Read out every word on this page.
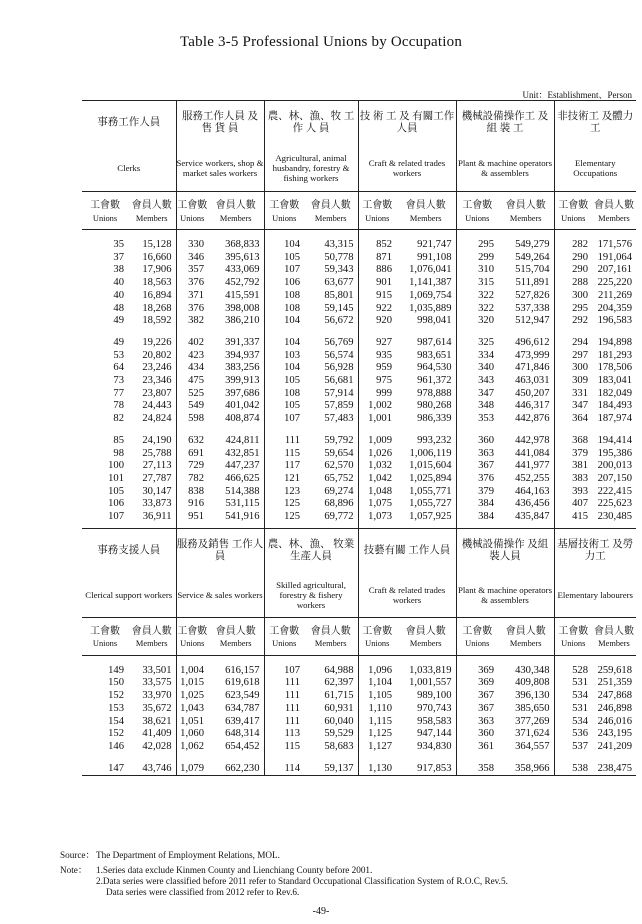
Table 3-5 Professional Unions by Occupation
Unit：Establishment、Person
事務工作人員		服務工作人員 及 售 貨 員		農、林、漁、牧 工 作 人 員		技 術 工 及 有關工作人員		機械設備操作工 及 組 裝 工		非技術工 及體力工	
Clerks		Service workers, shop & market sales workers		Agricultural, animal husbandry, forestry & fishing workers		Craft & related trades workers		Plant & machine operators & assemblers		Elementary Occupations	
工會數	會員人數	工會數	會員人數	工會數	會員人數	工會數	會員人數	工會數	會員人數	工會數	會員人數
Unions	Members	Unions	Members	Unions	Members	Unions	Members	Unions	Members	Unions	Members

35	15,128	330	368,833	104	43,315	852	921,747	295	549,279	282	171,576
37	16,660	346	395,613	105	50,778	871	991,108	299	549,264	290	191,064
38	17,906	357	433,069	107	59,343	886	1,076,041	310	515,704	290	207,161
40	18,563	376	452,792	106	63,677	901	1,141,387	315	511,891	288	225,220
40	16,894	371	415,591	108	85,801	915	1,069,754	322	527,826	300	211,269
48	18,268	376	398,008	108	59,145	922	1,035,889	322	537,338	295	204,359
49	18,592	382	386,210	104	56,672	920	998,041	320	512,947	292	196,583

49	19,226	402	391,337	104	56,769	927	987,614	325	496,612	294	194,898
53	20,802	423	394,937	103	56,574	935	983,651	334	473,999	297	181,293
64	23,246	434	383,256	104	56,928	959	964,530	340	471,846	300	178,506
73	23,346	475	399,913	105	56,681	975	961,372	343	463,031	309	183,041
77	23,807	525	397,686	108	57,914	999	978,888	347	450,207	331	182,049
78	24,443	549	401,042	105	57,859	1,002	980,268	348	446,317	347	184,493
82	24,824	598	408,874	107	57,483	1,001	986,339	353	442,876	364	187,974

85	24,190	632	424,811	111	59,792	1,009	993,232	360	442,978	368	194,414
98	25,788	691	432,851	115	59,654	1,026	1,006,119	363	441,084	379	195,386
100	27,113	729	447,237	117	62,570	1,032	1,015,604	367	441,977	381	200,013
101	27,787	782	466,625	121	65,752	1,042	1,025,894	376	452,255	383	207,150
105	30,147	838	514,388	123	69,274	1,048	1,055,771	379	464,163	393	222,415
106	33,873	916	531,115	125	68,896	1,075	1,055,727	384	436,456	407	225,623
107	36,911	951	541,916	125	69,772	1,073	1,057,925	384	435,847	415	230,485

事務支援人員		服務及銷售 工作人員		農、林、漁、 牧業生產人員		技藝有關 工作人員		機械設備操作 及組裝人員		基層技術工 及勞力工	
Clerical support workers		Service & sales workers		Skilled agricultural, forestry & fishery workers		Craft & related trades workers		Plant & machine operators & assemblers		Elementary labourers	
工會數	會員人數	工會數	會員人數	工會數	會員人數	工會數	會員人數	工會數	會員人數	工會數	會員人數
Unions	Members	Unions	Members	Unions	Members	Unions	Members	Unions	Members	Unions	Members

149	33,501	1,004	616,157	107	64,988	1,096	1,033,819	369	430,348	528	259,618
150	33,575	1,015	619,618	111	62,397	1,104	1,001,557	369	409,808	531	251,359
152	33,970	1,025	623,549	111	61,715	1,105	989,100	367	396,130	534	247,868
153	35,672	1,043	634,787	111	60,931	1,110	970,743	367	385,650	531	246,898
154	38,621	1,051	639,417	111	60,040	1,115	958,583	363	377,269	534	246,016
152	41,409	1,060	648,314	113	59,529	1,125	947,144	360	371,624	536	243,195
146	42,028	1,062	654,452	115	58,683	1,127	934,830	361	364,557	537	241,209

147	43,746	1,079	662,230	114	59,137	1,130	917,853	358	358,966	538	238,475
Source： The Department of Employment Relations, MOL.
Note： 1.Series data exclude Kinmen County and Lienchiang County before 2001.
2.Data series were classified before 2011 refer to Standard Occupational Classification System of R.O.C, Rev.5.
Data series were classified from 2012 refer to Rev.6.
-49-
